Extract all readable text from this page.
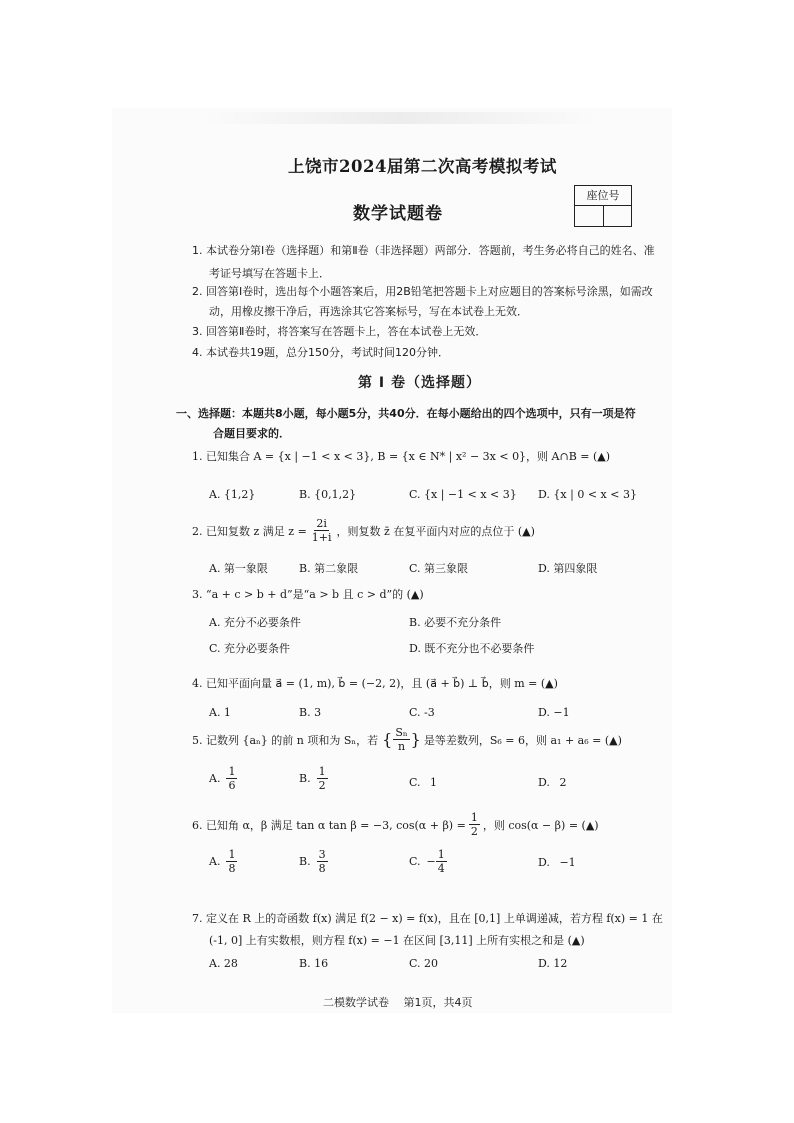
上饶市2024届第二次高考模拟考试
数学试题卷
座位号
1. 本试卷分第Ⅰ卷（选择题）和第Ⅱ卷（非选择题）两部分．答题前，考生务必将自己的姓名、准
考证号填写在答题卡上．
2. 回答第Ⅰ卷时，选出每个小题答案后，用2B铅笔把答题卡上对应题目的答案标号涂黑，如需改
动，用橡皮擦干净后，再选涂其它答案标号，写在本试卷上无效．
3. 回答第Ⅱ卷时，将答案写在答题卡上，答在本试卷上无效．
4. 本试卷共19题，总分150分，考试时间120分钟．
第 I 卷（选择题）
一、选择题：本题共8小题，每小题5分，共40分．在每小题给出的四个选项中，只有一项是符
合题目要求的．
1. 已知集合 A = {x | −1 < x < 3}, B = {x ∈ N* | x² − 3x < 0}，则 A∩B = (▲)
A. {1,2}	B. {0,1,2}	C. {x | −1 < x < 3} D. {x | 0 < x < 3}
2. 已知复数 z 满足 $z = \frac{2i}{1+i}$ ，则复数 z̄ 在复平面内对应的点位于 (▲)
A. 第一象限	B. 第二象限	C. 第三象限	D. 第四象限
3. “a + c > b + d”是“a > b 且 c > d”的 (▲)
A. 充分不必要条件	B. 必要不充分条件
C. 充分必要条件	D. 既不充分也不必要条件
4. 已知平面向量 a⃗ = (1, m), b⃗ = (−2, 2)，且 (a⃗ + b⃗) ⊥ b⃗，则 m = (▲)
A. 1	B. 3	C. -3	D. −1
5. 记数列 {aₙ} 的前 n 项和为 Sₙ，若 { $\frac{\text{Sₙ}}{n}$ } 是等差数列，S₆ = 6，则 a₁ + a₆ = (▲)
A. $\frac{1}{6}$	B. $\frac{1}{2}$	C. 1	D. 2
6. 已知角 α，β 满足 tan α tan β = −3, $\cos(\alpha + \beta) = \frac{1}{2}$ ，则 cos(α − β) = (▲)
A. $\frac{1}{8}$	B. $\frac{3}{8}$	C. − $\frac{1}{4}$	D. −1
7. 定义在 R 上的奇函数 f(x) 满足 f(2 − x) = f(x)，且在 [0,1] 上单调递减，若方程 f(x) = 1 在
(-1, 0] 上有实数根，则方程 f(x) = −1 在区间 [3,11] 上所有实根之和是 (▲)
A. 28	B. 16	C. 20	D. 12
二模数学试卷　 第1页，共4页
